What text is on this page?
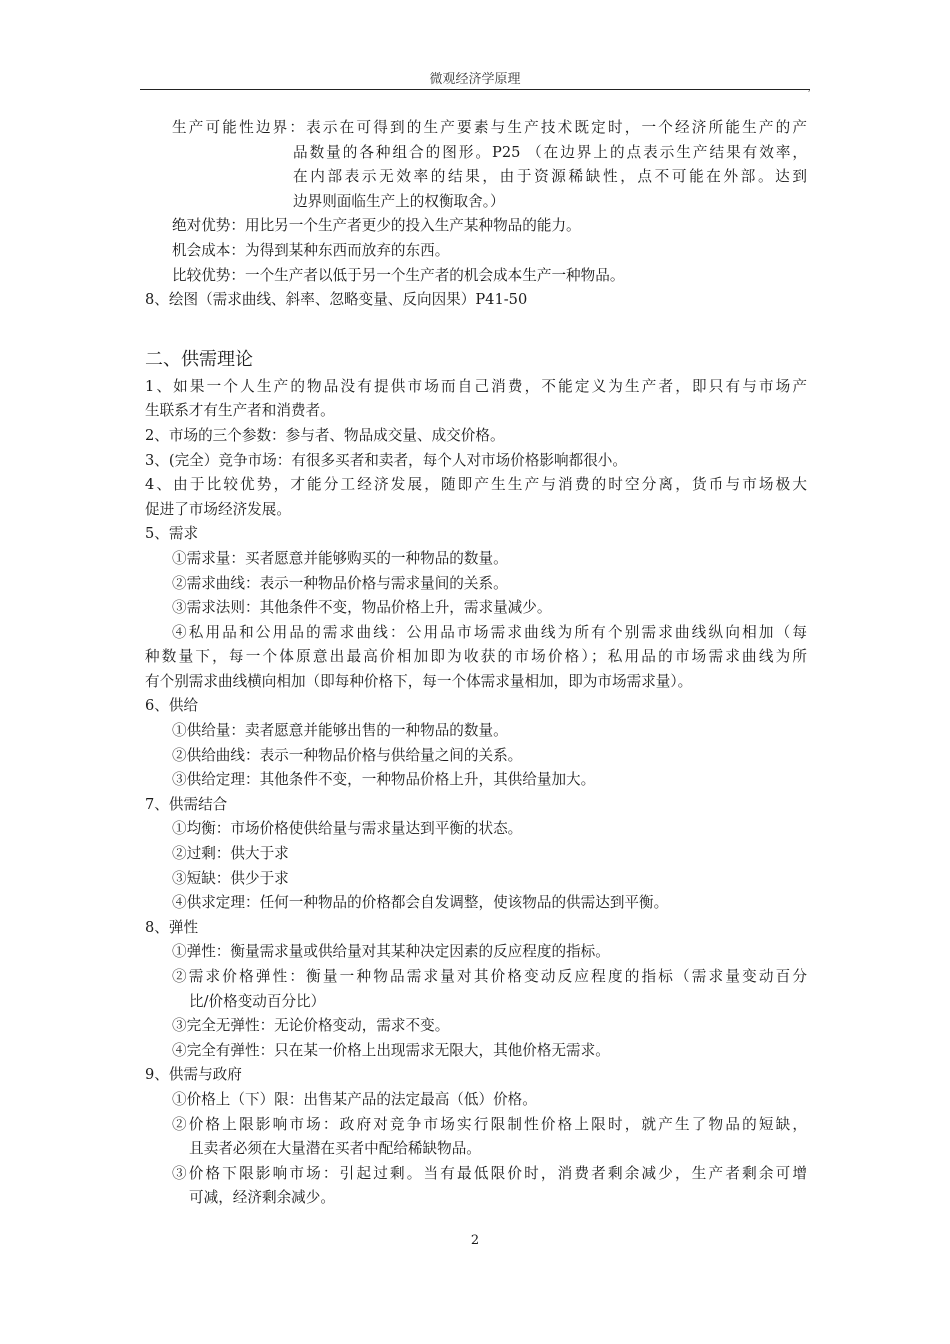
微观经济学原理
,
生产可能性边界：表示在可得到的生产要素与生产技术既定时，一个经济所能生产的产
品数量的各种组合的图形。P25 （在边界上的点表示生产结果有效率，
在内部表示无效率的结果，由于资源稀缺性，点不可能在外部。达到
边界则面临生产上的权衡取舍。）
绝对优势：用比另一个生产者更少的投入生产某种物品的能力。
机会成本：为得到某种东西而放弃的东西。
比较优势：一个生产者以低于另一个生产者的机会成本生产一种物品。
8、绘图（需求曲线、斜率、忽略变量、反向因果）P41-50
二、供需理论
1、如果一个人生产的物品没有提供市场而自己消费，不能定义为生产者，即只有与市场产
生联系才有生产者和消费者。
2、市场的三个参数：参与者、物品成交量、成交价格。
3、(完全）竞争市场：有很多买者和卖者，每个人对市场价格影响都很小。
4、由于比较优势，才能分工经济发展，随即产生生产与消费的时空分离，货币与市场极大
促进了市场经济发展。
5、需求
①需求量：买者愿意并能够购买的一种物品的数量。
②需求曲线：表示一种物品价格与需求量间的关系。
③需求法则：其他条件不变，物品价格上升，需求量减少。
④私用品和公用品的需求曲线：公用品市场需求曲线为所有个别需求曲线纵向相加（每
种数量下，每一个体原意出最高价相加即为收获的市场价格）；私用品的市场需求曲线为所
有个别需求曲线横向相加（即每种价格下，每一个体需求量相加，即为市场需求量）。
6、供给
①供给量：卖者愿意并能够出售的一种物品的数量。
②供给曲线：表示一种物品价格与供给量之间的关系。
③供给定理：其他条件不变，一种物品价格上升，其供给量加大。
7、供需结合
①均衡：市场价格使供给量与需求量达到平衡的状态。
②过剩：供大于求
③短缺：供少于求
④供求定理：任何一种物品的价格都会自发调整，使该物品的供需达到平衡。
8、弹性
①弹性：衡量需求量或供给量对其某种决定因素的反应程度的指标。
②需求价格弹性：衡量一种物品需求量对其价格变动反应程度的指标（需求量变动百分
比/价格变动百分比）
③完全无弹性：无论价格变动，需求不变。
④完全有弹性：只在某一价格上出现需求无限大，其他价格无需求。
9、供需与政府
①价格上（下）限：出售某产品的法定最高（低）价格。
②价格上限影响市场：政府对竞争市场实行限制性价格上限时，就产生了物品的短缺，
且卖者必须在大量潜在买者中配给稀缺物品。
③价格下限影响市场：引起过剩。当有最低限价时，消费者剩余减少，生产者剩余可增
可减，经济剩余减少。
2
